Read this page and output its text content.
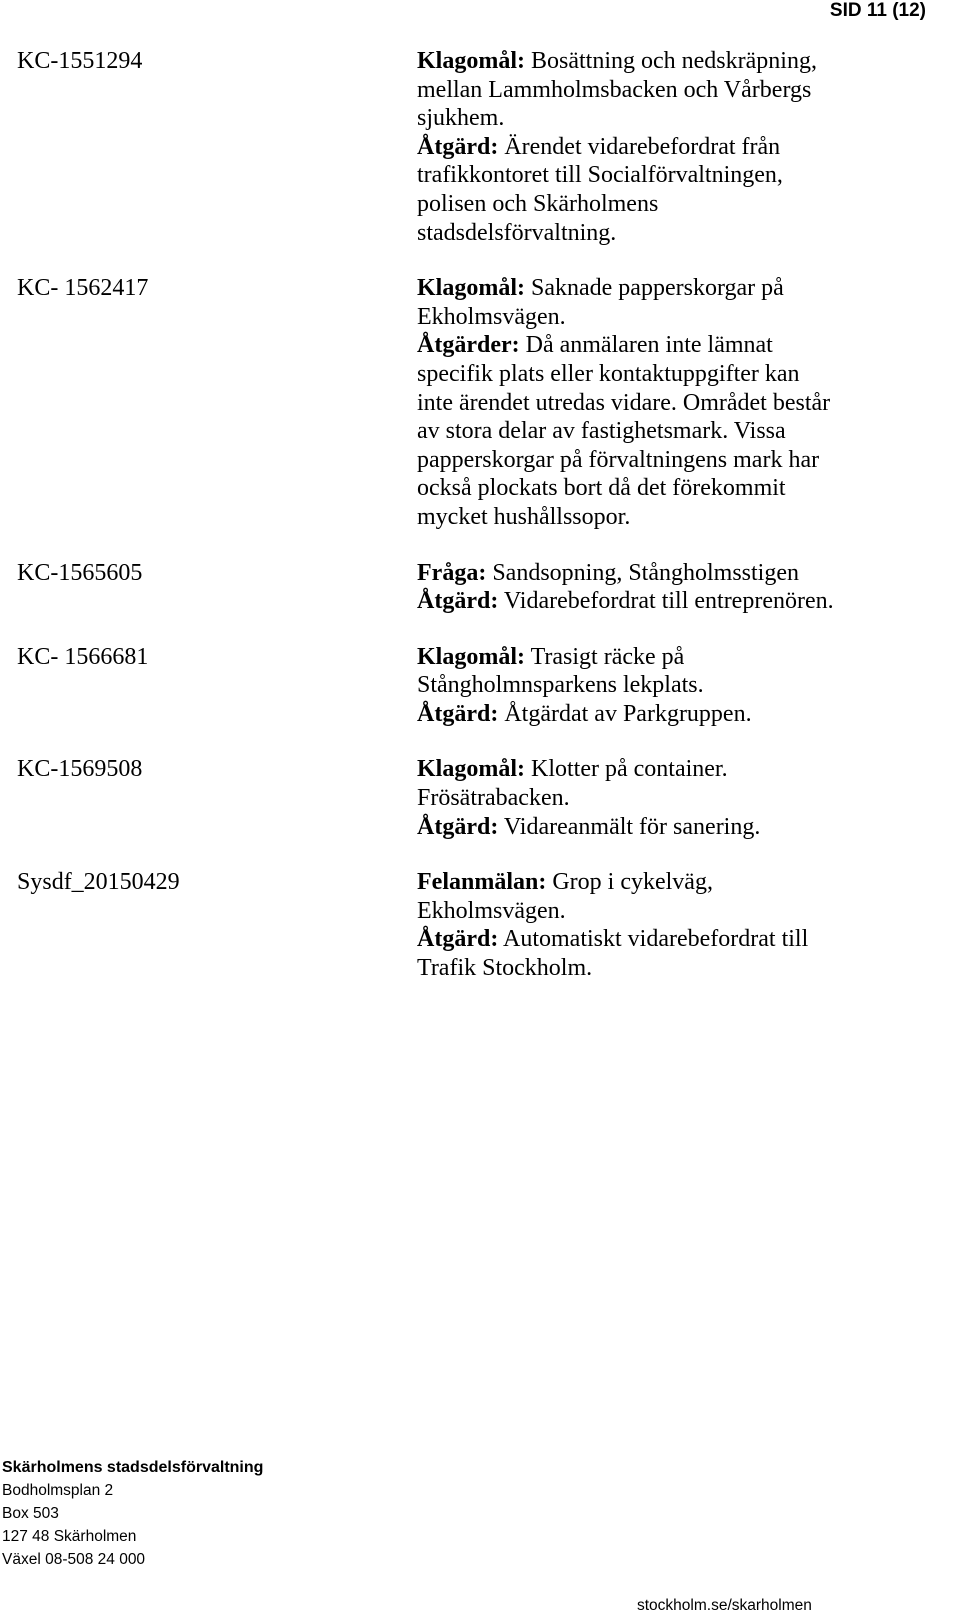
SID 11 (12)
KC-1551294	Klagomål: Bosättning och nedskräpning, mellan Lammholmsbacken och Vårbergs sjukhem.
Åtgärd: Ärendet vidarebefordrat från trafikkontoret till Socialförvaltningen, polisen och Skärholmens stadsdelsförvaltning.
KC- 1562417	Klagomål: Saknade papperskorgar på Ekholmsvägen.
Åtgärder: Då anmälaren inte lämnat specifik plats eller kontaktuppgifter kan inte ärendet utredas vidare. Området består av stora delar av fastighetsmark. Vissa papperskorgar på förvaltningens mark har också plockats bort då det förekommit mycket hushållssopor.
KC-1565605	Fråga: Sandsopning, Stångholmsstigen
Åtgärd: Vidarebefordrat till entreprenören.
KC- 1566681	Klagomål: Trasigt räcke på Stångholmnsparkens lekplats.
Åtgärd: Åtgärdat av Parkgruppen.
KC-1569508	Klagomål: Klotter på container. Frösätrabacken.
Åtgärd: Vidareanmält för sanering.
Sysdf_20150429	Felanmälan: Grop i cykelväg, Ekholmsvägen.
Åtgärd: Automatiskt vidarebefordrat till Trafik Stockholm.
Skärholmens stadsdelsförvaltning
Bodholmsplan 2
Box 503
127 48 Skärholmen
Växel 08-508 24 000
stockholm.se/skarholmen
